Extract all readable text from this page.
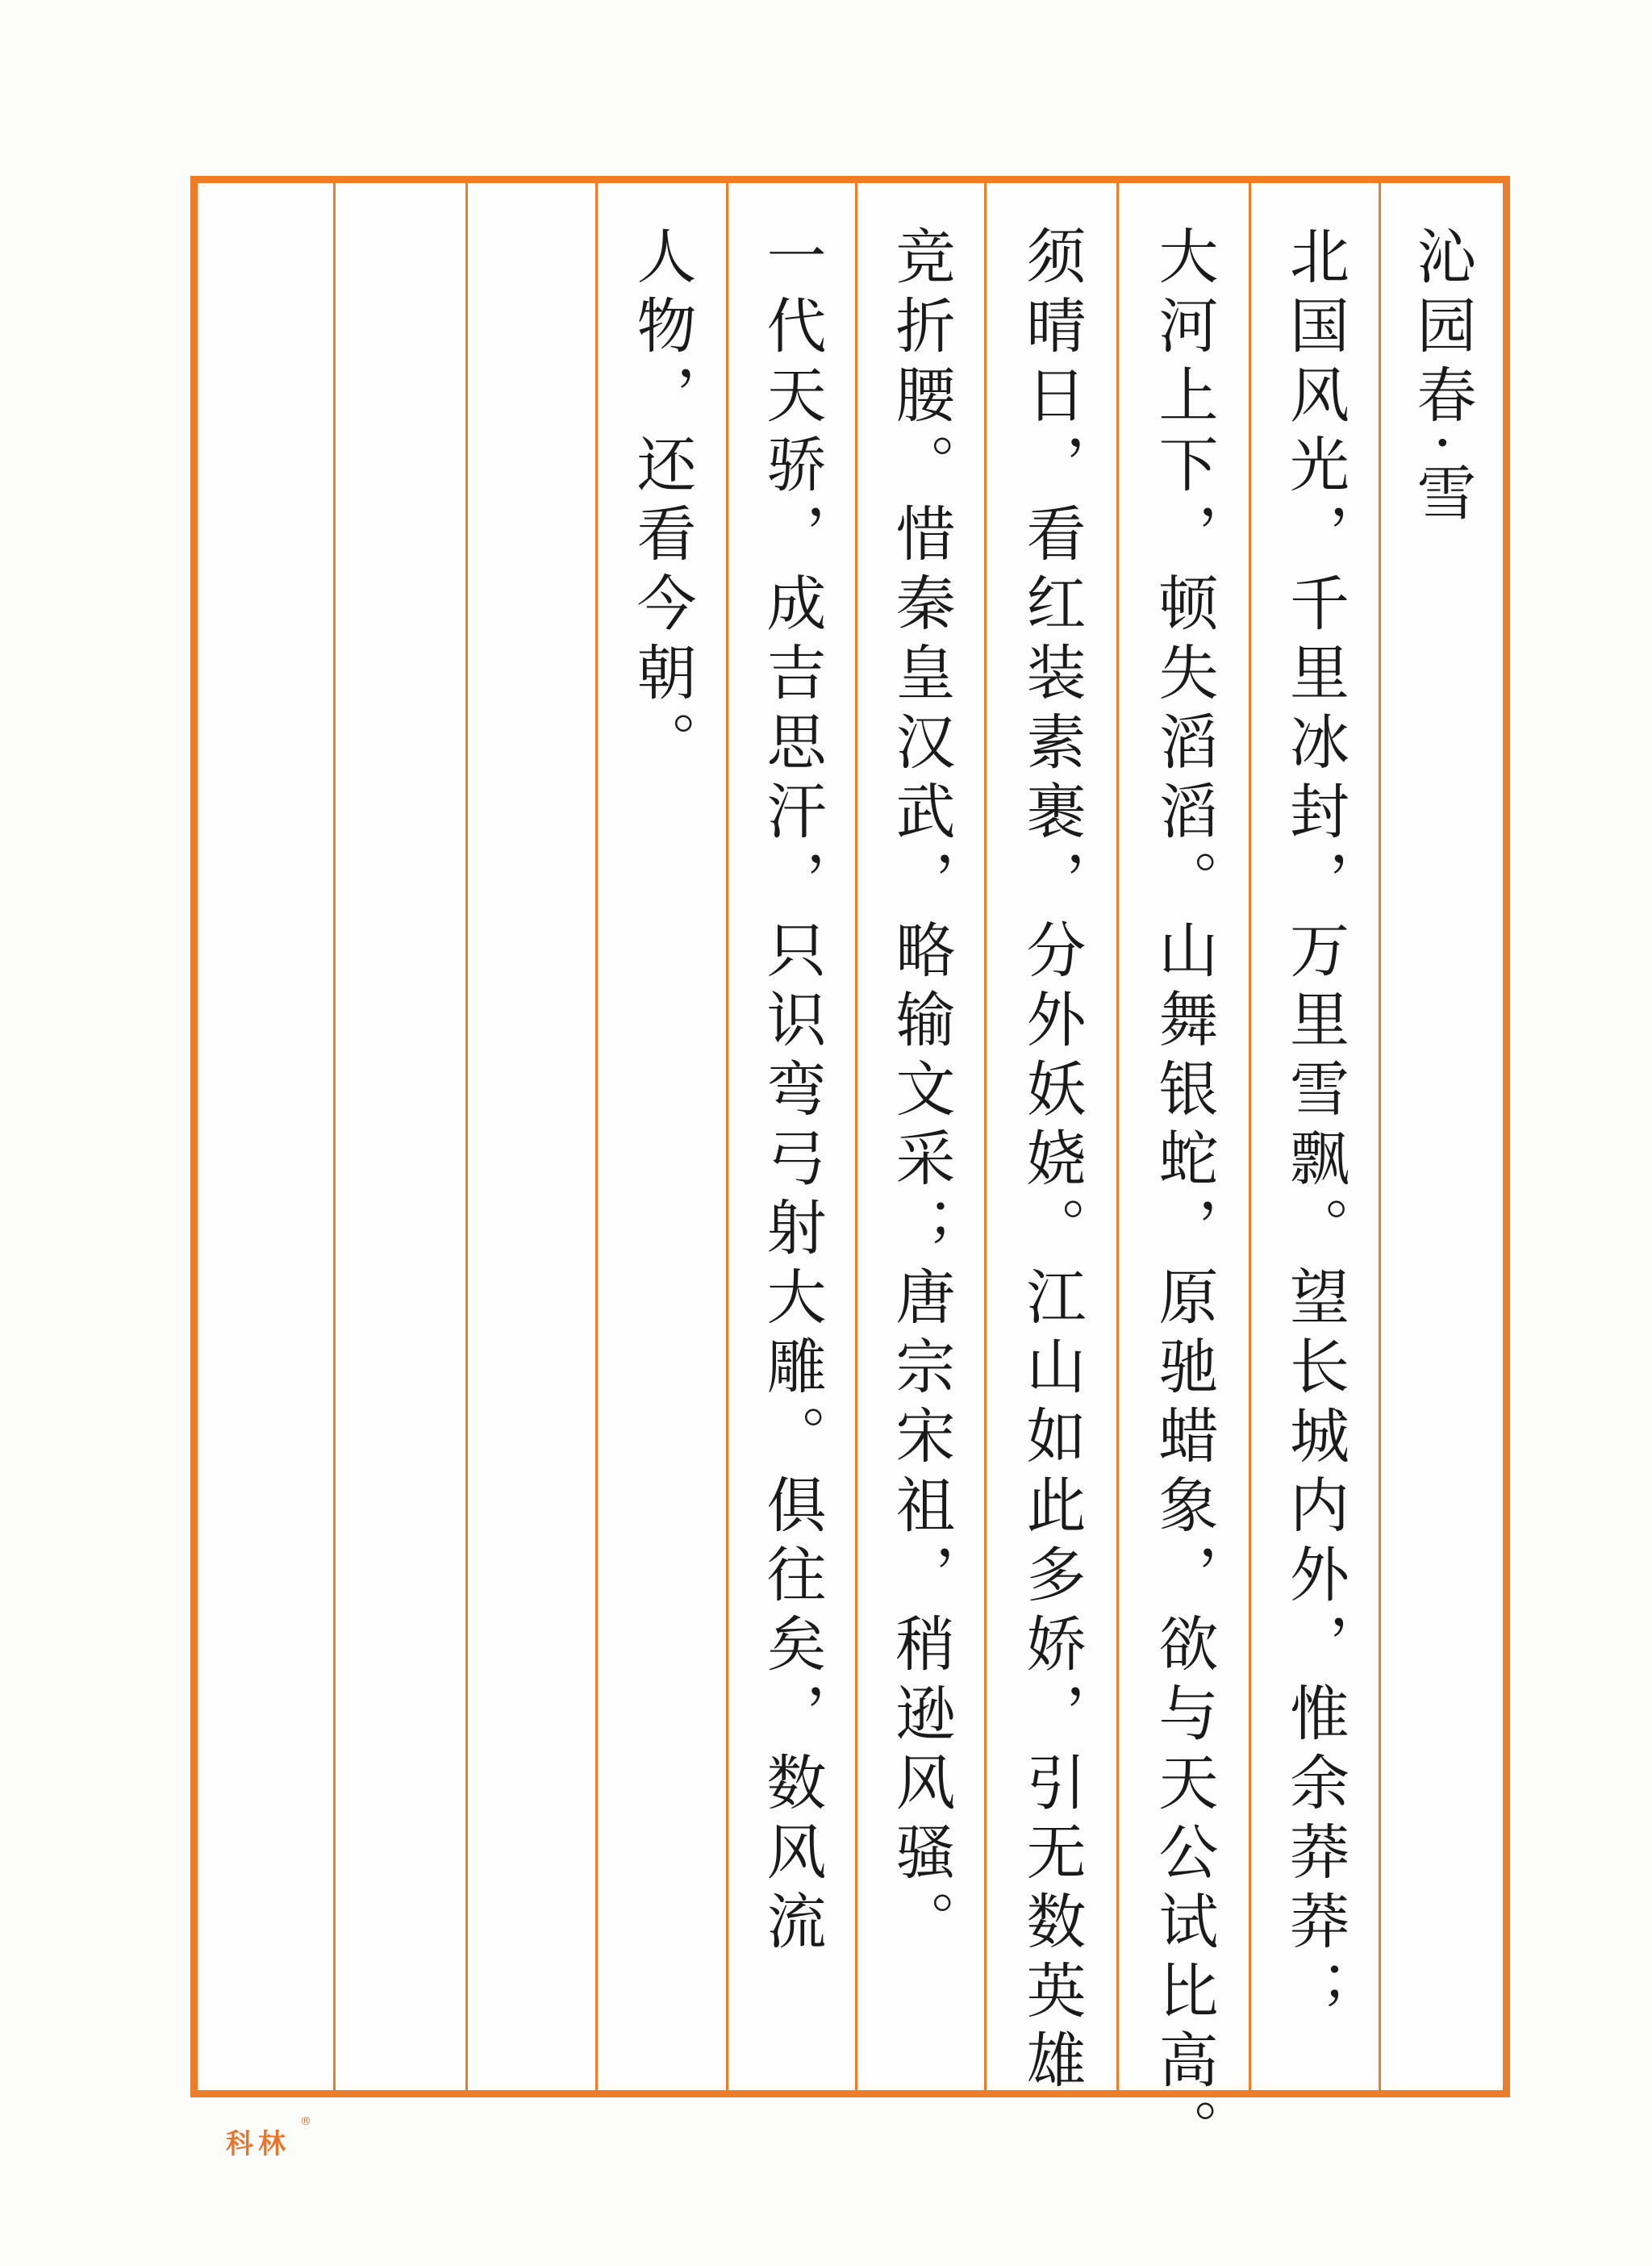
沁园春·雪
北国风光，千里冰封，万里雪飘。望长城内外，惟余莽莽；
大河上下，顿失滔滔。山舞银蛇，原驰蜡象，欲与天公试比高。
须晴日，看红装素裹，分外妖娆。江山如此多娇，引无数英雄
竞折腰。惜秦皇汉武，略输文采；唐宗宋祖，稍逊风骚。
一代天骄，成吉思汗，只识弯弓射大雕。俱往矣，数风流
人物，还看今朝。
科林
®
